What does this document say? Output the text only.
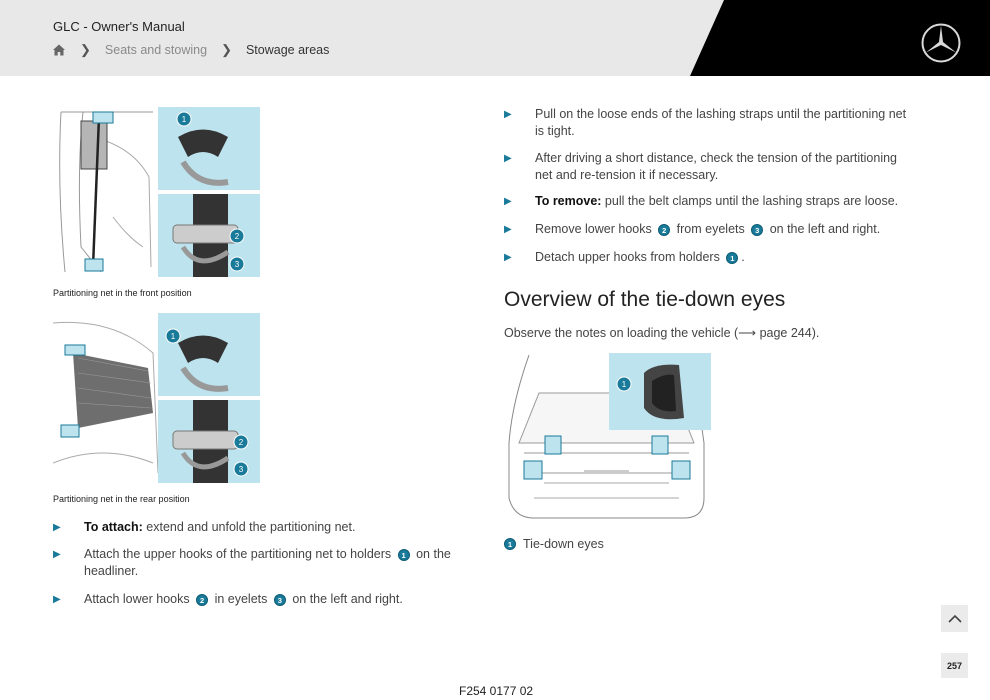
GLC - Owner's Manual
❯ Seats and stowing ❯ Stowage areas
1
2
3
Partitioning net in the front position
1
2
3
Partitioning net in the rear position
▶ To attach: extend and unfold the partitioning net.
▶ Attach the upper hooks of the partitioning net to holders 1 on the headliner.
▶ Attach lower hooks 2 in eyelets 3 on the left and right.
▶ Pull on the loose ends of the lashing straps until the partitioning net is tight.
▶ After driving a short distance, check the tension of the partitioning net and re-tension it if necessary.
▶ To remove: pull the belt clamps until the lashing straps are loose.
▶ Remove lower hooks 2 from eyelets 3 on the left and right.
▶ Detach upper hooks from holders 1 .
Overview of the tie-down eyes
Observe the notes on loading the vehicle (⟶ page 244).
1
1 Tie-down eyes
257
F254 0177 02
